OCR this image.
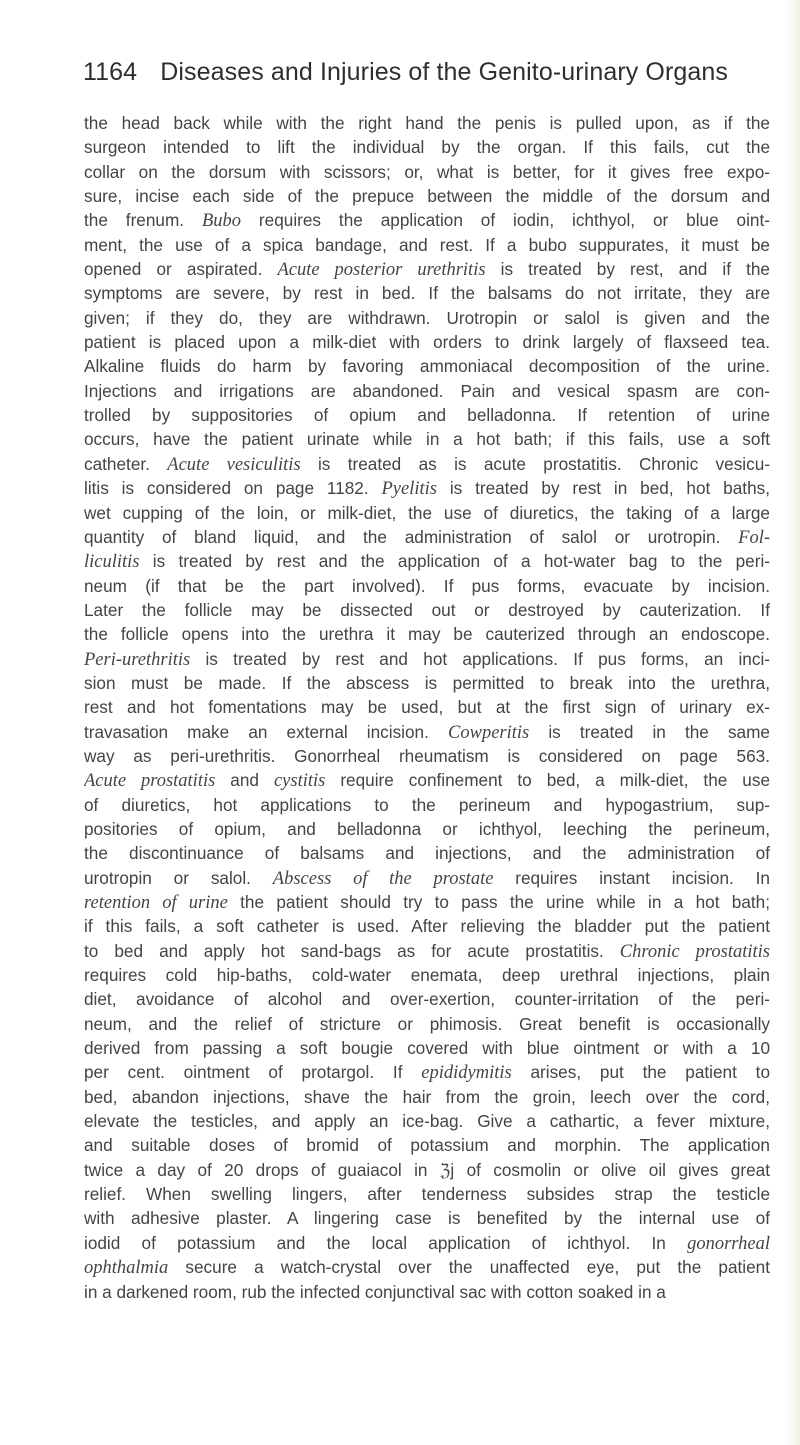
1164 Diseases and Injuries of the Genito-urinary Organs
the head back while with the right hand the penis is pulled upon, as if the
surgeon intended to lift the individual by the organ. If this fails, cut the
collar on the dorsum with scissors; or, what is better, for it gives free expo-
sure, incise each side of the prepuce between the middle of the dorsum and
the frenum. Bubo requires the application of iodin, ichthyol, or blue oint-
ment, the use of a spica bandage, and rest. If a bubo suppurates, it must be
opened or aspirated. Acute posterior urethritis is treated by rest, and if the
symptoms are severe, by rest in bed. If the balsams do not irritate, they are
given; if they do, they are withdrawn. Urotropin or salol is given and the
patient is placed upon a milk-diet with orders to drink largely of flaxseed tea.
Alkaline fluids do harm by favoring ammoniacal decomposition of the urine.
Injections and irrigations are abandoned. Pain and vesical spasm are con-
trolled by suppositories of opium and belladonna. If retention of urine
occurs, have the patient urinate while in a hot bath; if this fails, use a soft
catheter. Acute vesiculitis is treated as is acute prostatitis. Chronic vesicu-
litis is considered on page 1182. Pyelitis is treated by rest in bed, hot baths,
wet cupping of the loin, or milk-diet, the use of diuretics, the taking of a large
quantity of bland liquid, and the administration of salol or urotropin. Fol-
liculitis is treated by rest and the application of a hot-water bag to the peri-
neum (if that be the part involved). If pus forms, evacuate by incision.
Later the follicle may be dissected out or destroyed by cauterization. If
the follicle opens into the urethra it may be cauterized through an endoscope.
Peri-urethritis is treated by rest and hot applications. If pus forms, an inci-
sion must be made. If the abscess is permitted to break into the urethra,
rest and hot fomentations may be used, but at the first sign of urinary ex-
travasation make an external incision. Cowperitis is treated in the same
way as peri-urethritis. Gonorrheal rheumatism is considered on page 563.
Acute prostatitis and cystitis require confinement to bed, a milk-diet, the use
of diuretics, hot applications to the perineum and hypogastrium, sup-
positories of opium, and belladonna or ichthyol, leeching the perineum,
the discontinuance of balsams and injections, and the administration of
urotropin or salol. Abscess of the prostate requires instant incision. In
retention of urine the patient should try to pass the urine while in a hot bath;
if this fails, a soft catheter is used. After relieving the bladder put the patient
to bed and apply hot sand-bags as for acute prostatitis. Chronic prostatitis
requires cold hip-baths, cold-water enemata, deep urethral injections, plain
diet, avoidance of alcohol and over-exertion, counter-irritation of the peri-
neum, and the relief of stricture or phimosis. Great benefit is occasionally
derived from passing a soft bougie covered with blue ointment or with a 10
per cent. ointment of protargol. If epididymitis arises, put the patient to
bed, abandon injections, shave the hair from the groin, leech over the cord,
elevate the testicles, and apply an ice-bag. Give a cathartic, a fever mixture,
and suitable doses of bromid of potassium and morphin. The application
twice a day of 20 drops of guaiacol in ℨj of cosmolin or olive oil gives great
relief. When swelling lingers, after tenderness subsides strap the testicle
with adhesive plaster. A lingering case is benefited by the internal use of
iodid of potassium and the local application of ichthyol. In gonorrheal
ophthalmia secure a watch-crystal over the unaffected eye, put the patient
in a darkened room, rub the infected conjunctival sac with cotton soaked in a
